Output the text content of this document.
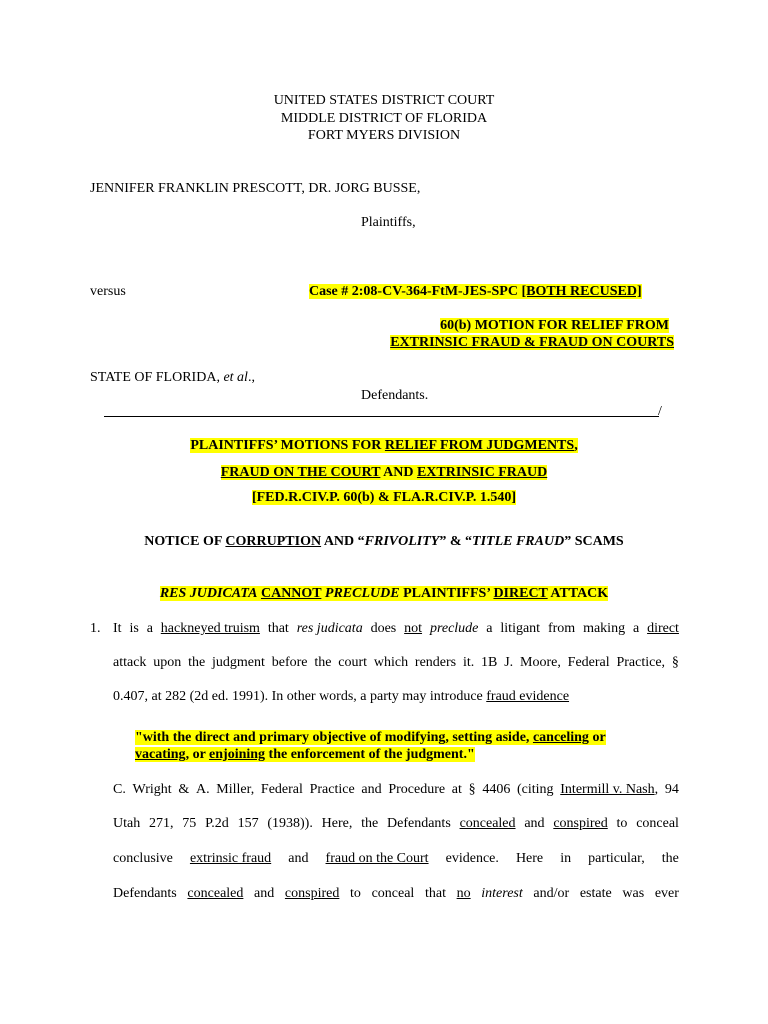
UNITED STATES DISTRICT COURT
MIDDLE DISTRICT OF FLORIDA
FORT MYERS DIVISION
JENNIFER FRANKLIN PRESCOTT, DR. JORG BUSSE,
Plaintiffs,
versus	Case # 2:08-CV-364-FtM-JES-SPC [BOTH RECUSED]
60(b) MOTION FOR RELIEF FROM
EXTRINSIC FRAUD & FRAUD ON COURTS
STATE OF FLORIDA, et al.,
Defendants.
/
PLAINTIFFS’ MOTIONS FOR RELIEF FROM JUDGMENTS,
FRAUD ON THE COURT AND EXTRINSIC FRAUD
[FED.R.CIV.P. 60(b) & FLA.R.CIV.P. 1.540]
NOTICE OF CORRUPTION AND “FRIVOLITY” & “TITLE FRAUD” SCAMS
RES JUDICATA CANNOT PRECLUDE PLAINTIFFS’ DIRECT ATTACK
1. It is a hackneyed truism that res judicata does not preclude a litigant from making a direct
attack upon the judgment before the court which renders it. 1B J. Moore, Federal Practice, §
0.407, at 282 (2d ed. 1991). In other words, a party may introduce fraud evidence
"with the direct and primary objective of modifying, setting aside, canceling or
vacating, or enjoining the enforcement of the judgment."
C. Wright & A. Miller, Federal Practice and Procedure at § 4406 (citing Intermill v. Nash, 94
Utah 271, 75 P.2d 157 (1938)). Here, the Defendants concealed and conspired to conceal
conclusive extrinsic fraud and fraud on the Court evidence. Here in particular, the
Defendants concealed and conspired to conceal that no interest and/or estate was ever
